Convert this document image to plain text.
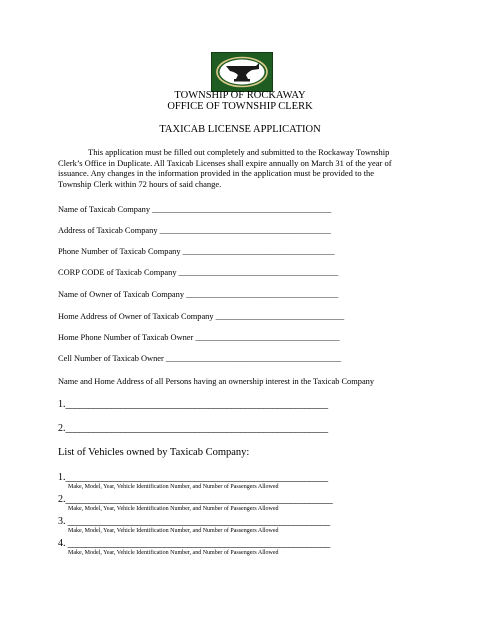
TOWNSHIP OF ROCKAWAY
OFFICE OF TOWNSHIP CLERK
TAXICAB LICENSE APPLICATION

This application must be filled out completely and submitted to the Rockaway Township Clerk’s Office in Duplicate. All Taxicab Licenses shall expire annually on March 31 of the year of issuance. Any changes in the information provided in the application must be provided to the Township Clerk within 72 hours of said change.

Name of Taxicab Company ______________________________________________
Address of Taxicab Company ____________________________________________
Phone Number of Taxicab Company _______________________________________
CORP CODE of Taxicab Company _________________________________________
Name of Owner of Taxicab Company _______________________________________
Home Address of Owner of Taxicab Company _________________________________
Home Phone Number of Taxicab Owner _____________________________________
Cell Number of Taxicab Owner _____________________________________________
Name and Home Address of all Persons having an ownership interest in the Taxicab Company
1._________________________________________________________
2._________________________________________________________
List of Vehicles owned by Taxicab Company:
1._________________________________________________________
Make, Model, Year, Vehicle Identification Number, and Number of Passengers Allowed
2.__________________________________________________________
Make, Model, Year, Vehicle Identification Number, and Number of Passengers Allowed
3. _________________________________________________________
Make, Model, Year, Vehicle Identification Number, and Number of Passengers Allowed
4. _________________________________________________________
Make, Model, Year, Vehicle Identification Number, and Number of Passengers Allowed
